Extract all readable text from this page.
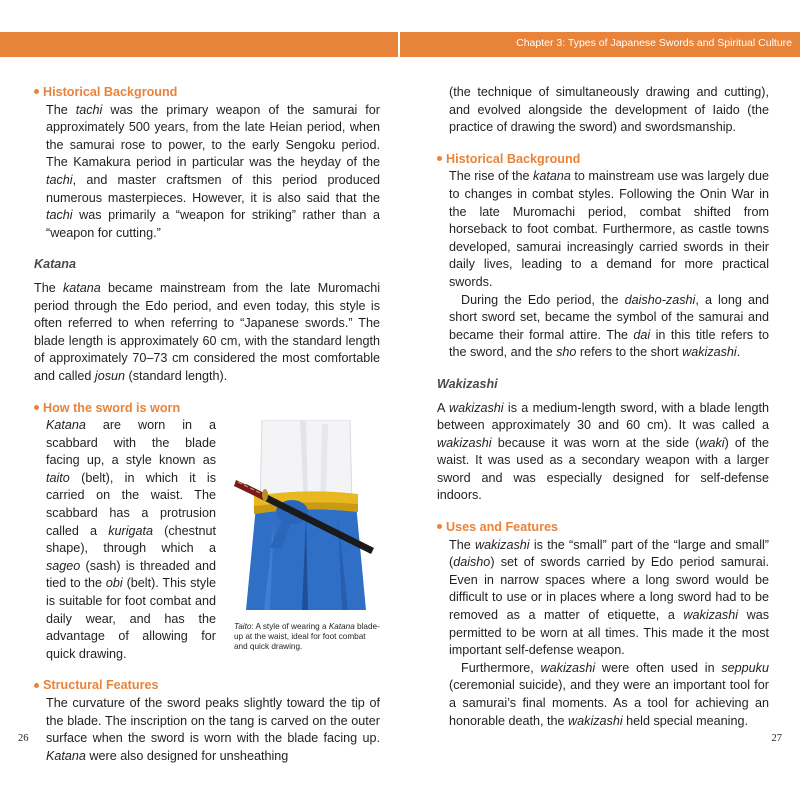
Chapter 3: Types of Japanese Swords and Spiritual Culture

Historical Background

The tachi was the primary weapon of the samurai for approximately 500 years, from the late Heian period, when the samurai rose to power, to the early Sengoku period. The Kamakura period in particular was the heyday of the tachi, and master craftsmen of this period produced numerous masterpieces. However, it is also said that the tachi was primarily a “weapon for striking” rather than a “weapon for cutting.”

Katana

The katana became mainstream from the late Muromachi period through the Edo period, and even today, this style is often referred to when referring to “Japanese swords.” The blade length is approximately 60 cm, with the standard length of approximately 70–73 cm considered the most comfortable and called josun (standard length).

How the sword is worn

Katana are worn in a scabbard with the blade facing up, a style known as taito (belt), in which it is carried on the waist. The scabbard has a protrusion called a kurigata (chestnut shape), through which a sageo (sash) is threaded and tied to the obi (belt). This style is suitable for foot combat and daily wear, and has the advantage of allowing for quick drawing.

Taito: A style of wearing a Katana blade-up at the waist, ideal for foot combat and quick drawing.

Structural Features

The curvature of the sword peaks slightly toward the tip of the blade. The inscription on the tang is carved on the outer surface when the sword is worn with the blade facing up. Katana were also designed for unsheathing

(the technique of simultaneously drawing and cutting), and evolved alongside the development of Iaido (the practice of drawing the sword) and swordsmanship.

Historical Background

The rise of the katana to mainstream use was largely due to changes in combat styles. Following the Onin War in the late Muromachi period, combat shifted from horseback to foot combat. Furthermore, as castle towns developed, samurai increasingly carried swords in their daily lives, leading to a demand for more practical swords.

During the Edo period, the daisho-zashi, a long and short sword set, became the symbol of the samurai and became their formal attire. The dai in this title refers to the sword, and the sho refers to the short wakizashi.

Wakizashi

A wakizashi is a medium-length sword, with a blade length between approximately 30 and 60 cm). It was called a wakizashi because it was worn at the side (waki) of the waist. It was used as a secondary weapon with a larger sword and was especially designed for self-defense indoors.

Uses and Features

The wakizashi is the “small” part of the “large and small” (daisho) set of swords carried by Edo period samurai. Even in narrow spaces where a long sword would be difficult to use or in places where a long sword had to be removed as a matter of etiquette, a wakizashi was permitted to be worn at all times. This made it the most important self-defense weapon.

Furthermore, wakizashi were often used in seppuku (ceremonial suicide), and they were an important tool for a samurai’s final moments. As a tool for achieving an honorable death, the wakizashi held special meaning.

26	27
